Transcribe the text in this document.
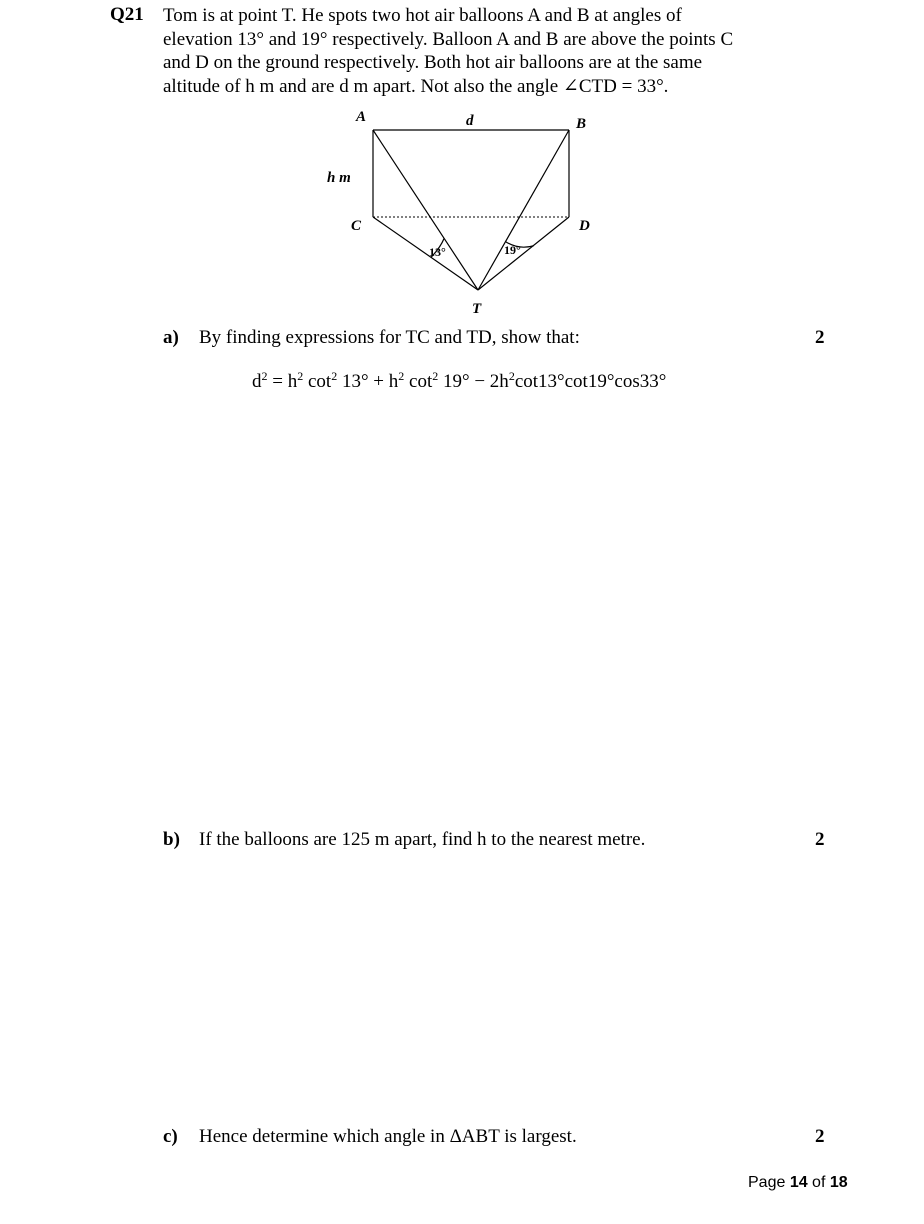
Q21 Tom is at point T. He spots two hot air balloons A and B at angles of
elevation 13° and 19° respectively. Balloon A and B are above the points C
and D on the ground respectively. Both hot air balloons are at the same
altitude of h m and are d m apart. Not also the angle ∠CTD = 33°.
A	d	B
h m
C	D
13°	19°
T
a) By finding expressions for TC and TD, show that:	2
$d^2 = h^2$ $\cot^2 13^\circ + h^2$ $\cot^2 19^\circ - 2h^2\cot 13^\circ\cot 19^\circ\cos 33^\circ$
b) If the balloons are 125 m apart, find h to the nearest metre.	2
c) Hence determine which angle in ΔABT is largest.	2
Page 14 of 18
